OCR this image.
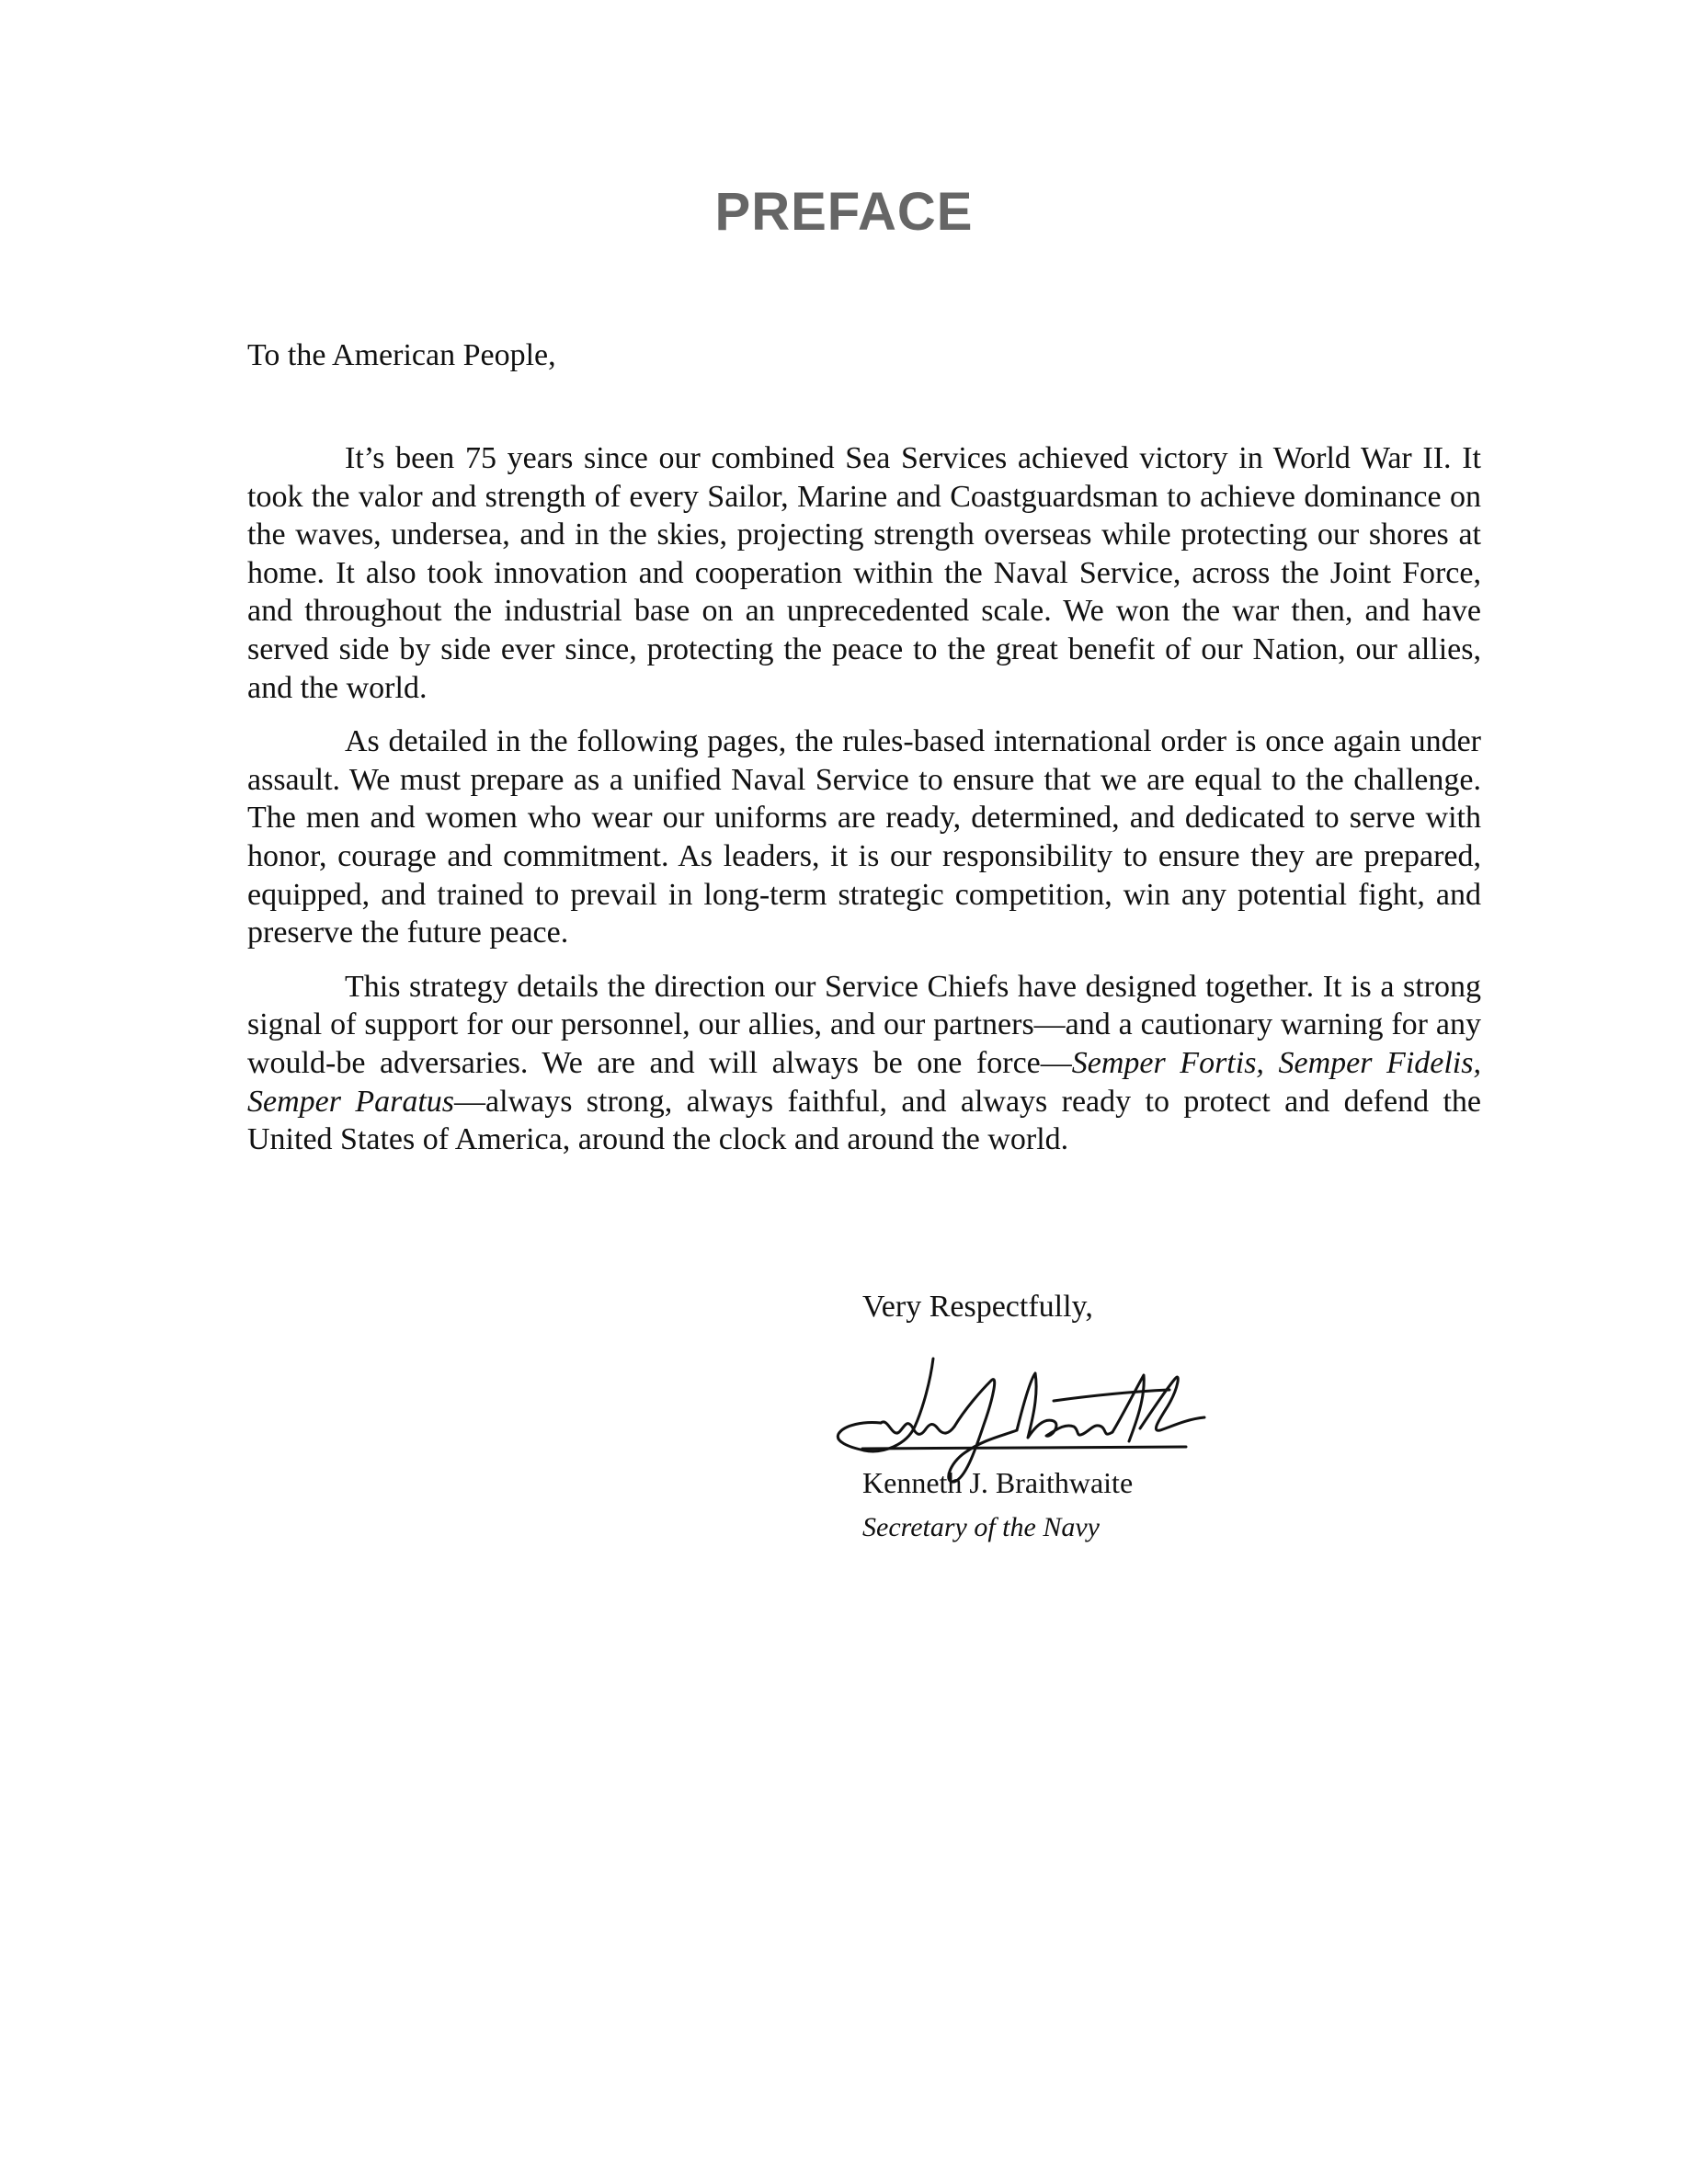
PREFACE

To the American People,

It’s been 75 years since our combined Sea Services achieved victory in World War II. It took the valor and strength of every Sailor, Marine and Coastguardsman to achieve dominance on the waves, undersea, and in the skies, projecting strength overseas while protecting our shores at home. It also took innovation and cooperation within the Naval Service, across the Joint Force, and throughout the industrial base on an unprecedented scale. We won the war then, and have served side by side ever since, protecting the peace to the great benefit of our Nation, our allies, and the world.

As detailed in the following pages, the rules-based international order is once again under assault. We must prepare as a unified Naval Service to ensure that we are equal to the challenge. The men and women who wear our uniforms are ready, determined, and dedicated to serve with honor, courage and commitment. As leaders, it is our responsibility to ensure they are prepared, equipped, and trained to prevail in long-term strategic competition, win any potential fight, and preserve the future peace.

This strategy details the direction our Service Chiefs have designed together. It is a strong signal of support for our personnel, our allies, and our partners—and a cautionary warning for any would-be adversaries. We are and will always be one force—Semper Fortis, Semper Fidelis, Semper Paratus—always strong, always faithful, and always ready to protect and defend the United States of America, around the clock and around the world.

Very Respectfully,

Kenneth J. Braithwaite

Secretary of the Navy
